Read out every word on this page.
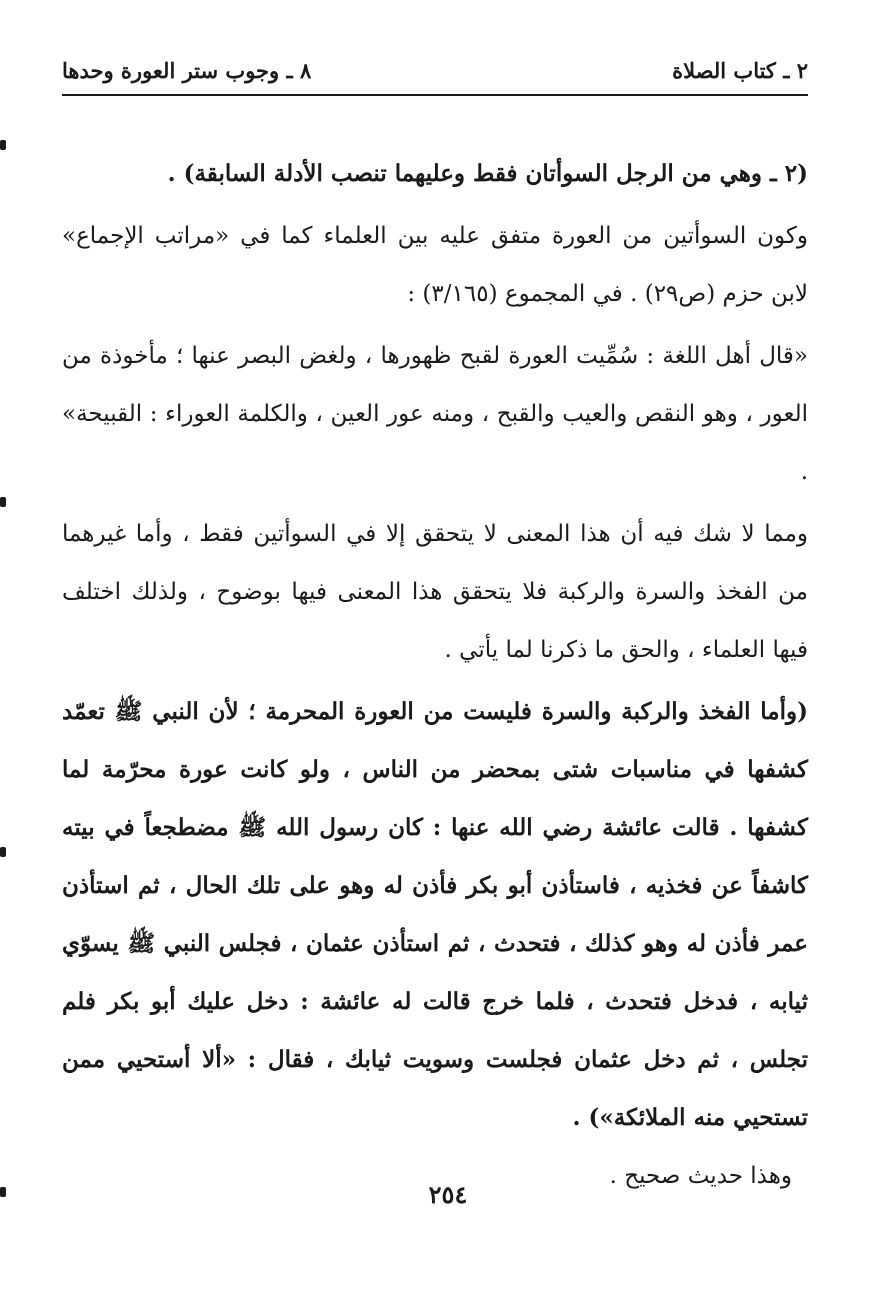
٢ ـ كتاب الصلاة
٨ ـ وجوب ستر العورة وحدها

(٢ ـ وهي من الرجل السوأتان فقط وعليهما تنصب الأدلة السابقة) .

وكون السوأتين من العورة متفق عليه بين العلماء كما في «مراتب الإجماع» لابن حزم (ص٢٩) . في المجموع (٣/١٦٥) :

«قال أهل اللغة : سُمِّيت العورة لقبح ظهورها ، ولغض البصر عنها ؛ مأخوذة من العور ، وهو النقص والعيب والقبح ، ومنه عور العين ، والكلمة العوراء : القبيحة» .

ومما لا شك فيه أن هذا المعنى لا يتحقق إلا في السوأتين فقط ، وأما غيرهما من الفخذ والسرة والركبة فلا يتحقق هذا المعنى فيها بوضوح ، ولذلك اختلف فيها العلماء ، والحق ما ذكرنا لما يأتي .

(وأما الفخذ والركبة والسرة فليست من العورة المحرمة ؛ لأن النبي ﷺ تعمّد كشفها في مناسبات شتى بمحضر من الناس ، ولو كانت عورة محرّمة لما كشفها . قالت عائشة رضي الله عنها : كان رسول الله ﷺ مضطجعاً في بيته كاشفاً عن فخذيه ، فاستأذن أبو بكر فأذن له وهو على تلك الحال ، ثم استأذن عمر فأذن له وهو كذلك ، فتحدث ، ثم استأذن عثمان ، فجلس النبي ﷺ يسوّي ثيابه ، فدخل فتحدث ، فلما خرج قالت له عائشة : دخل عليك أبو بكر فلم تجلس ، ثم دخل عثمان فجلست وسويت ثيابك ، فقال : «ألا أستحيي ممن تستحيي منه الملائكة») .

وهذا حديث صحيح .

٢٥٤
